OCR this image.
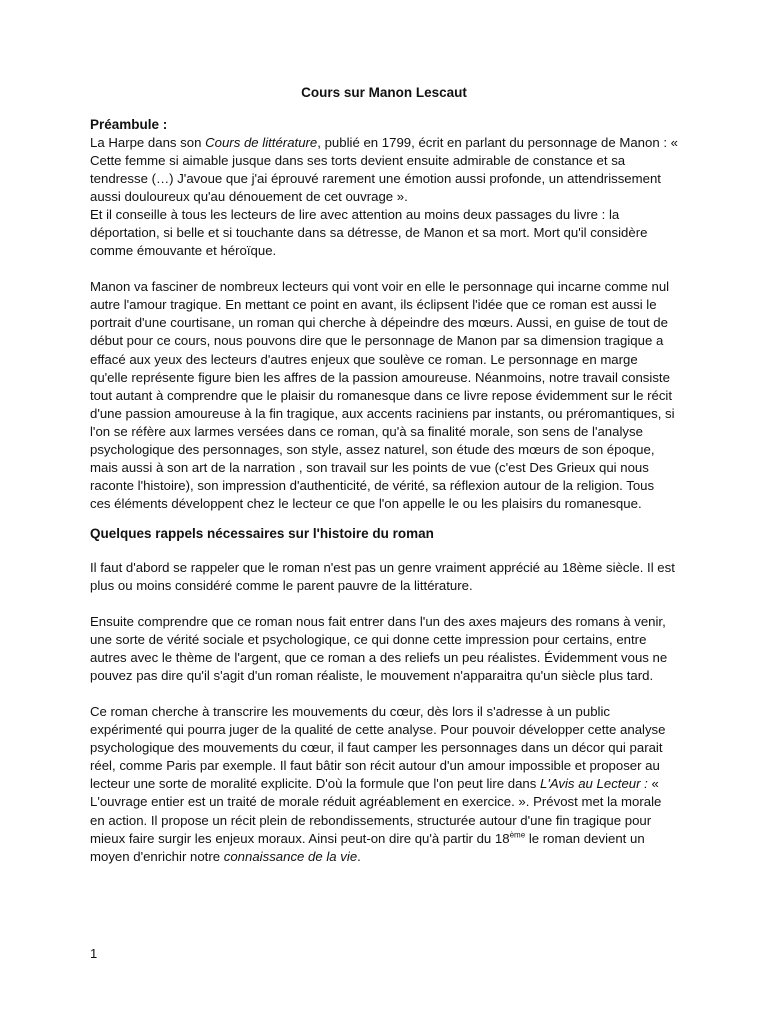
Cours sur Manon Lescaut
Préambule :

La Harpe dans son Cours de littérature, publié en 1799, écrit en parlant du personnage de Manon : « Cette femme si aimable jusque dans ses torts devient ensuite admirable de constance et sa tendresse (…) J'avoue que j'ai éprouvé rarement une émotion aussi profonde, un attendrissement aussi douloureux qu'au dénouement de cet ouvrage ».

Et il conseille à tous les lecteurs de lire avec attention au moins deux passages du livre : la déportation, si belle et si touchante dans sa détresse, de Manon et sa mort. Mort qu'il considère comme émouvante et héroïque.

Manon va fasciner de nombreux lecteurs qui vont voir en elle le personnage qui incarne comme nul autre l'amour tragique. En mettant ce point en avant, ils éclipsent l'idée que ce roman est aussi le portrait d'une courtisane, un roman qui cherche à dépeindre des mœurs. Aussi, en guise de tout de début pour ce cours, nous pouvons dire que le personnage de Manon par sa dimension tragique a effacé aux yeux des lecteurs d'autres enjeux que soulève ce roman. Le personnage en marge qu'elle représente figure bien les affres de la passion amoureuse. Néanmoins, notre travail consiste tout autant à comprendre que le plaisir du romanesque dans ce livre repose évidemment sur le récit d'une passion amoureuse à la fin tragique, aux accents raciniens par instants, ou préromantiques, si l'on se réfère aux larmes versées dans ce roman, qu'à sa finalité morale, son sens de l'analyse psychologique des personnages, son style, assez naturel, son étude des mœurs de son époque, mais aussi à son art de la narration , son travail sur les points de vue (c'est Des Grieux qui nous raconte l'histoire), son impression d'authenticité, de vérité, sa réflexion autour de la religion. Tous ces éléments développent chez le lecteur ce que l'on appelle le ou les plaisirs du romanesque.

Quelques rappels nécessaires sur l'histoire du roman

Il faut d'abord se rappeler que le roman n'est pas un genre vraiment apprécié au 18ème siècle. Il est plus ou moins considéré comme le parent pauvre de la littérature.

Ensuite comprendre que ce roman nous fait entrer dans l'un des axes majeurs des romans à venir, une sorte de vérité sociale et psychologique, ce qui donne cette impression pour certains, entre autres avec le thème de l'argent, que ce roman a des reliefs un peu réalistes. Évidemment vous ne pouvez pas dire qu'il s'agit d'un roman réaliste, le mouvement n'apparaitra qu'un siècle plus tard.

Ce roman cherche à transcrire les mouvements du cœur, dès lors il s'adresse à un public expérimenté qui pourra juger de la qualité de cette analyse. Pour pouvoir développer cette analyse psychologique des mouvements du cœur, il faut camper les personnages dans un décor qui parait réel, comme Paris par exemple. Il faut bâtir son récit autour d'un amour impossible et proposer au lecteur une sorte de moralité explicite. D'où la formule que l'on peut lire dans L'Avis au Lecteur : « L'ouvrage entier est un traité de morale réduit agréablement en exercice. ». Prévost met la morale en action. Il propose un récit plein de rebondissements, structurée autour d'une fin tragique pour mieux faire surgir les enjeux moraux. Ainsi peut-on dire qu'à partir du 18ème le roman devient un moyen d'enrichir notre connaissance de la vie.

1
